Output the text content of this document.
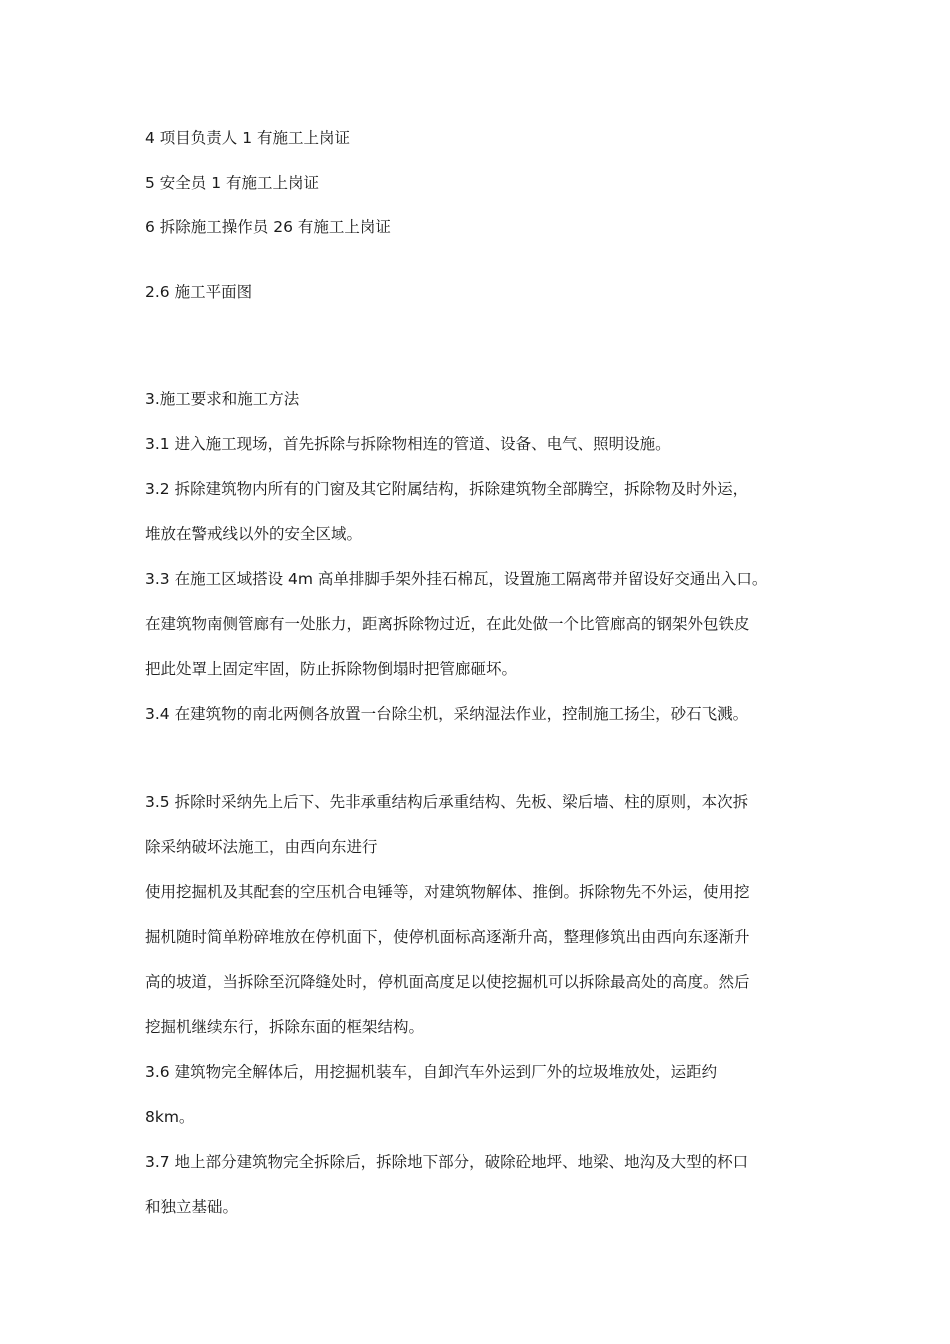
4 项目负责人 1 有施工上岗证
5 安全员 1 有施工上岗证
6 拆除施工操作员 26 有施工上岗证
2.6 施工平面图
3.施工要求和施工方法
3.1 进入施工现场，首先拆除与拆除物相连的管道、设备、电气、照明设施。
3.2 拆除建筑物内所有的门窗及其它附属结构，拆除建筑物全部腾空，拆除物及时外运，
堆放在警戒线以外的安全区域。
3.3 在施工区域搭设 4m 高单排脚手架外挂石棉瓦，设置施工隔离带并留设好交通出入口。
在建筑物南侧管廊有一处胀力，距离拆除物过近，在此处做一个比管廊高的钢架外包铁皮
把此处罩上固定牢固，防止拆除物倒塌时把管廊砸坏。
3.4 在建筑物的南北两侧各放置一台除尘机，采纳湿法作业，控制施工扬尘，砂石飞溅。
3.5 拆除时采纳先上后下、先非承重结构后承重结构、先板、梁后墙、柱的原则，本次拆
除采纳破坏法施工，由西向东进行
使用挖掘机及其配套的空压机合电锤等，对建筑物解体、推倒。拆除物先不外运，使用挖
掘机随时简单粉碎堆放在停机面下，使停机面标高逐渐升高，整理修筑出由西向东逐渐升
高的坡道，当拆除至沉降缝处时，停机面高度足以使挖掘机可以拆除最高处的高度。然后
挖掘机继续东行，拆除东面的框架结构。
3.6 建筑物完全解体后，用挖掘机装车，自卸汽车外运到厂外的垃圾堆放处，运距约
8km。
3.7 地上部分建筑物完全拆除后，拆除地下部分，破除砼地坪、地梁、地沟及大型的杯口
和独立基础。
